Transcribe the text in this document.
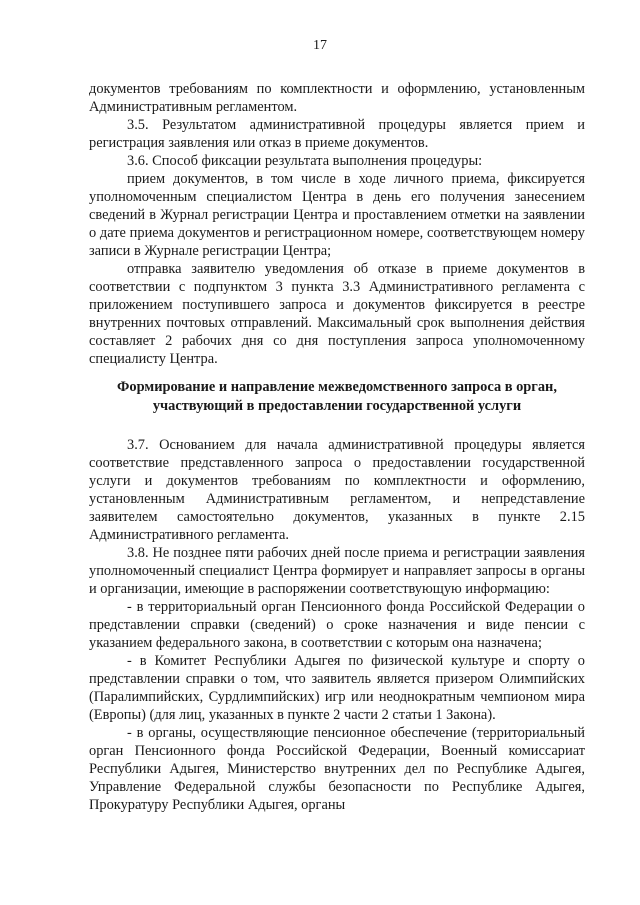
17

документов требованиям по комплектности и оформлению, установленным Административным регламентом.

3.5. Результатом административной процедуры является прием и регистрация заявления или отказ в приеме документов.

3.6. Способ фиксации результата выполнения процедуры:

прием документов, в том числе в ходе личного приема, фиксируется уполномоченным специалистом Центра в день его получения занесением сведений в Журнал регистрации Центра и проставлением отметки на заявлении о дате приема документов и регистрационном номере, соответствующем номеру записи в Журнале регистрации Центра;

отправка заявителю уведомления об отказе в приеме документов в соответствии с подпунктом 3 пункта 3.3 Административного регламента с приложением поступившего запроса и документов фиксируется в реестре внутренних почтовых отправлений. Максимальный срок выполнения действия составляет 2 рабочих дня со дня поступления запроса уполномоченному специалисту Центра.

Формирование и направление межведомственного запроса в орган, участвующий в предоставлении государственной услуги

3.7. Основанием для начала административной процедуры является соответствие представленного запроса о предоставлении государственной услуги и документов требованиям по комплектности и оформлению, установленным Административным регламентом, и непредставление заявителем самостоятельно документов, указанных в пункте 2.15 Административного регламента.

3.8. Не позднее пяти рабочих дней после приема и регистрации заявления уполномоченный специалист Центра формирует и направляет запросы в органы и организации, имеющие в распоряжении соответствующую информацию:

- в территориальный орган Пенсионного фонда Российской Федерации о представлении справки (сведений) о сроке назначения и виде пенсии с указанием федерального закона, в соответствии с которым она назначена;

- в Комитет Республики Адыгея по физической культуре и спорту о представлении справки о том, что заявитель является призером Олимпийских (Паралимпийских, Сурдлимпийских) игр или неоднократным чемпионом мира (Европы) (для лиц, указанных в пункте 2 части 2 статьи 1 Закона).

- в органы, осуществляющие пенсионное обеспечение (территориальный орган Пенсионного фонда Российской Федерации, Военный комиссариат Республики Адыгея, Министерство внутренних дел по Республике Адыгея, Управление Федеральной службы безопасности по Республике Адыгея, Прокуратуру Республики Адыгея, органы
